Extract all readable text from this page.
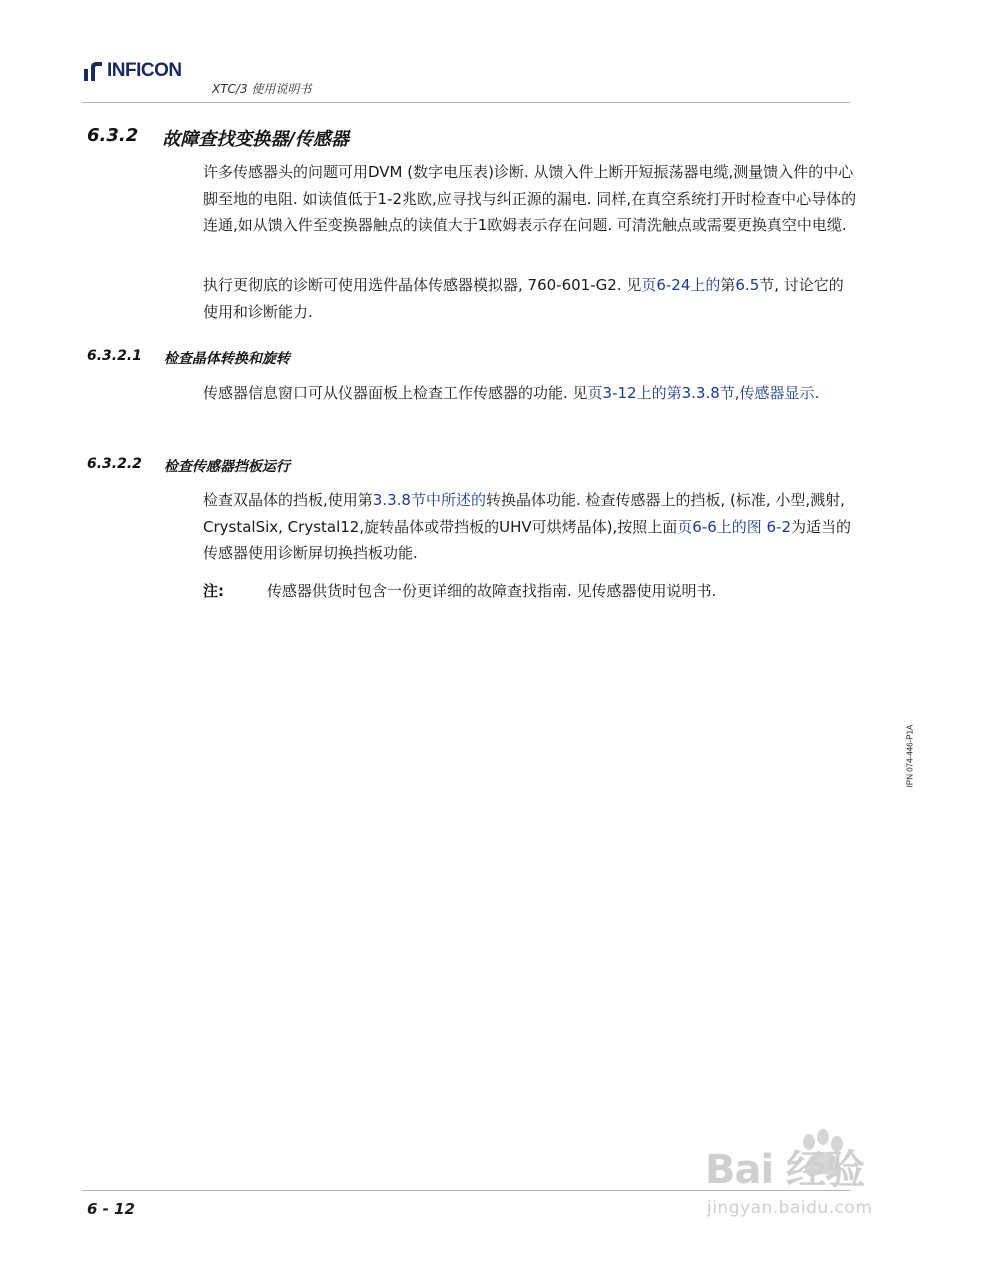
INFICON
XTC/3 使用说明书
6.3.2 故障查找变换器/传感器
许多传感器头的问题可用DVM (数字电压表)诊断. 从馈入件上断开短振荡器电缆,测量馈入件的中心脚至地的电阻. 如读值低于1-2兆欧,应寻找与纠正源的漏电. 同样,在真空系统打开时检查中心导体的连通,如从馈入件至变换器触点的读值大于1欧姆表示存在问题. 可清洗触点或需要更换真空中电缆.
执行更彻底的诊断可使用选件晶体传感器模拟器, 760-601-G2. 见页6-24上的第6.5节, 讨论它的使用和诊断能力.
6.3.2.1 检查晶体转换和旋转
传感器信息窗口可从仪器面板上检查工作传感器的功能. 见页3-12上的第3.3.8节,传感器显示.
6.3.2.2 检查传感器挡板运行
检查双晶体的挡板,使用第3.3.8节中所述的转换晶体功能. 检查传感器上的挡板, (标准, 小型,溅射, CrystalSix, Crystal12,旋转晶体或带挡板的UHV可烘烤晶体),按照上面页6-6上的图 6-2为适当的传感器使用诊断屏切换挡板功能.
注:	传感器供货时包含一份更详细的故障查找指南. 见传感器使用说明书.
IPN 074-446-P1A
6 - 12
Bai 经验
jingyan.baidu.com
